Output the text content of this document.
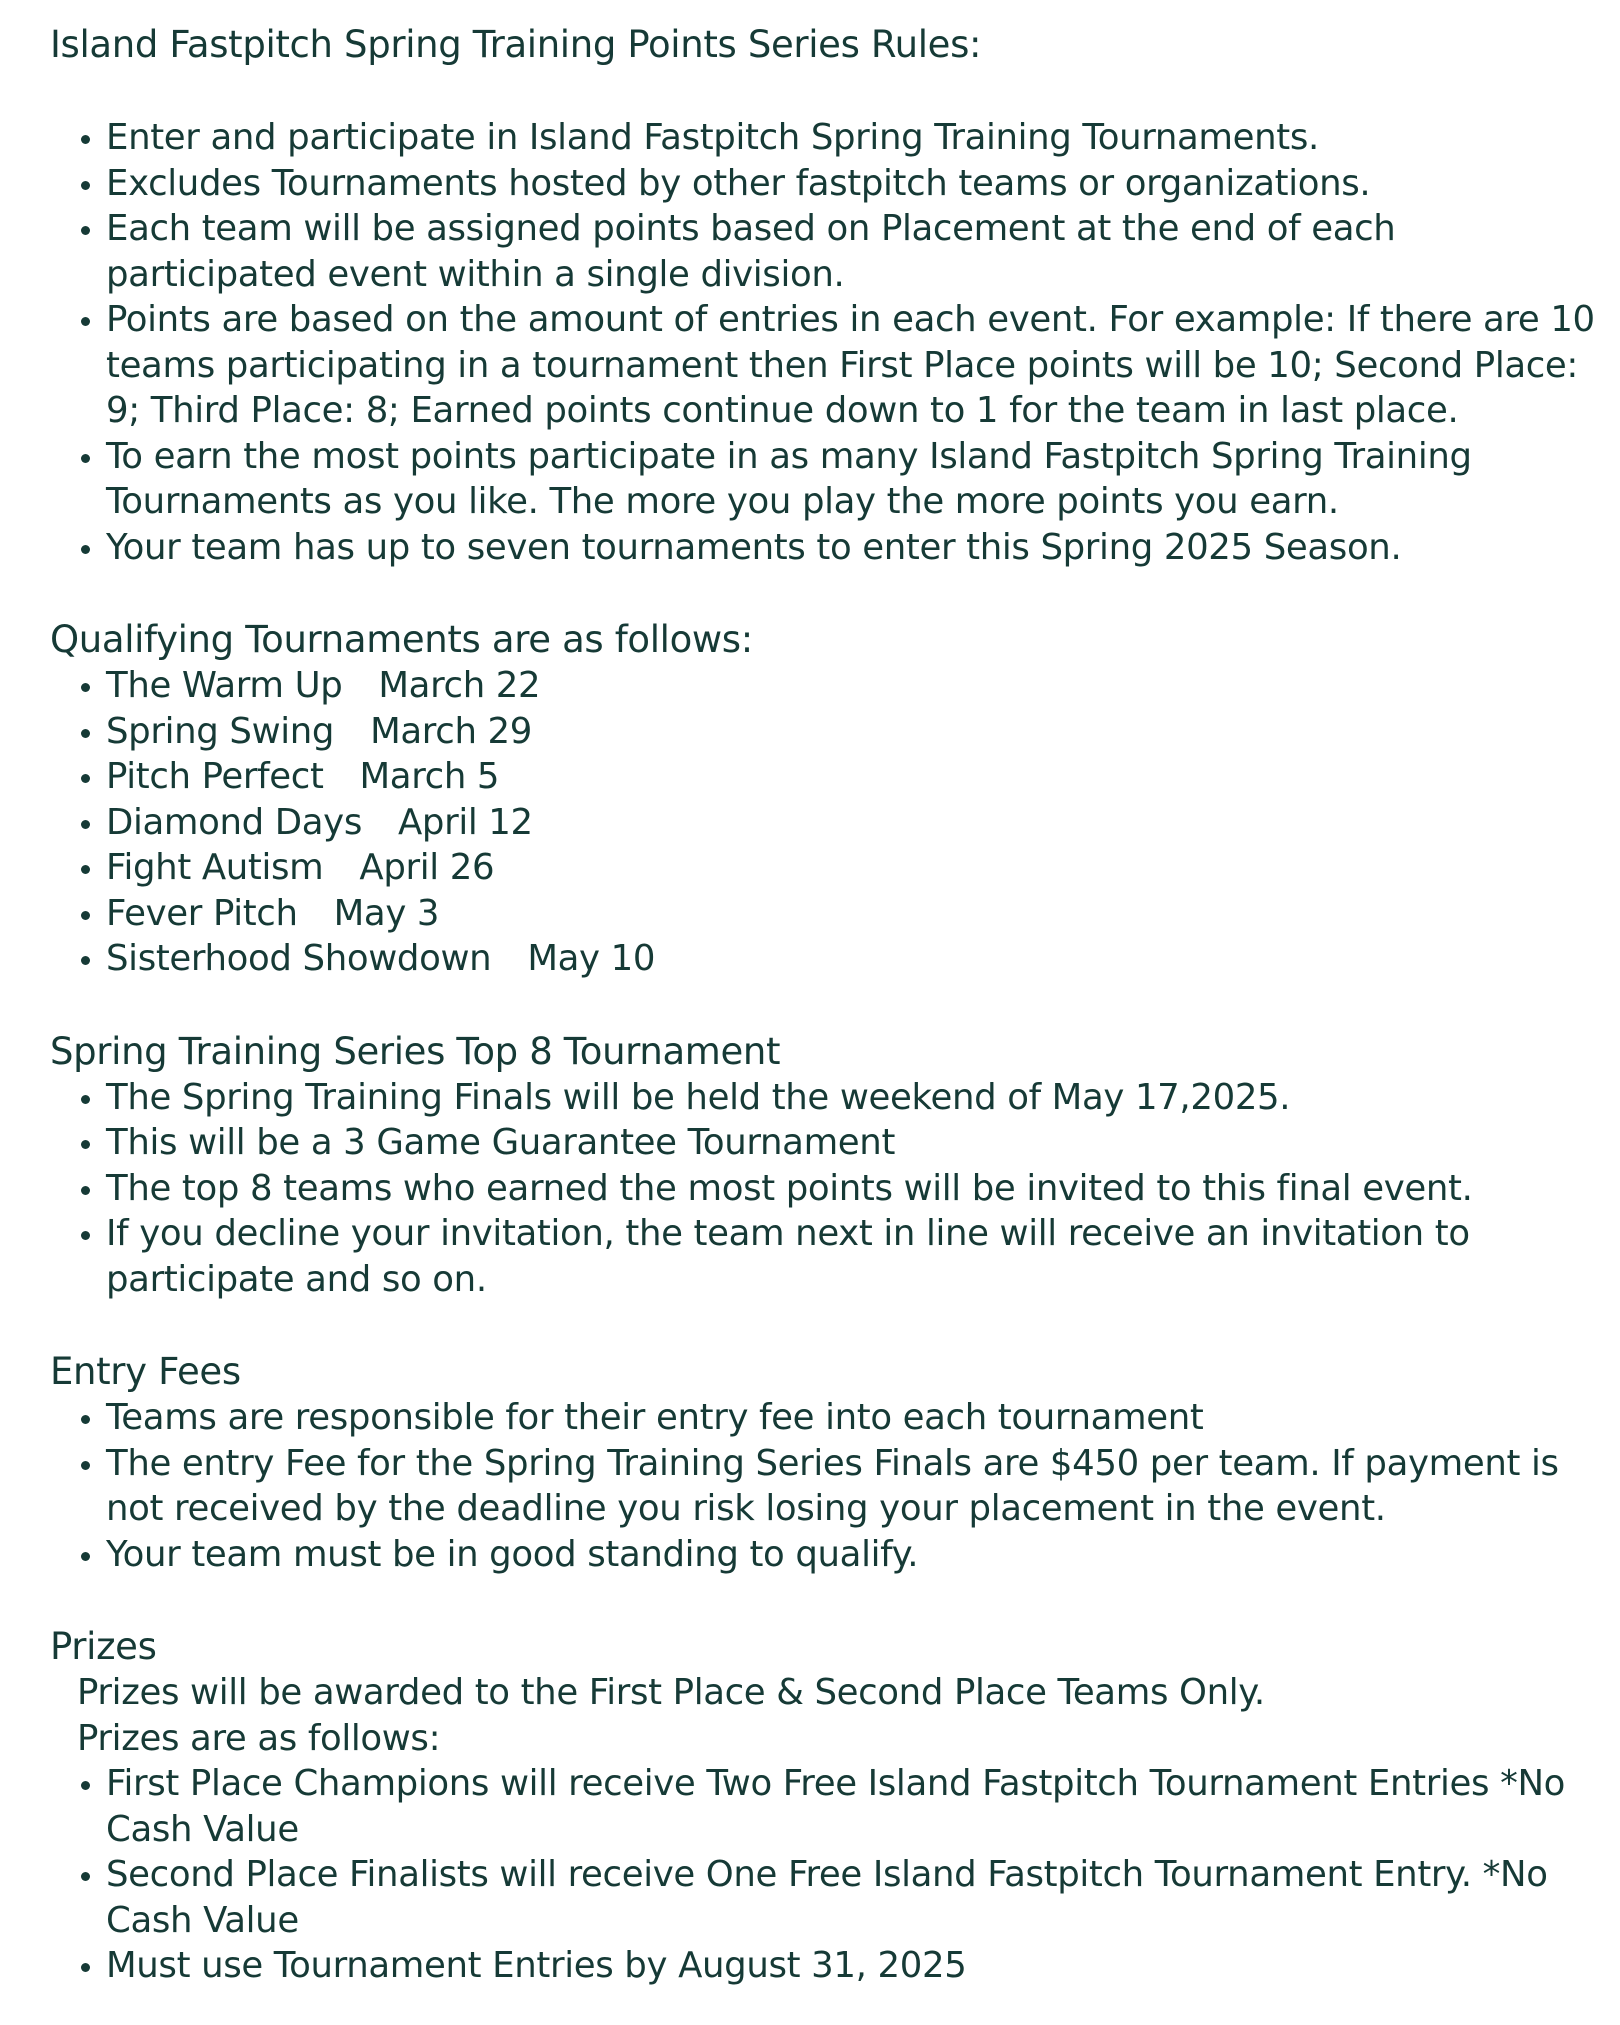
Island Fastpitch Spring Training Points Series Rules:
• Enter and participate in Island Fastpitch Spring Training Tournaments.
• Excludes Tournaments hosted by other fastpitch teams or organizations.
• Each team will be assigned points based on Placement at the end of each participated event within a single division.
• Points are based on the amount of entries in each event. For example: If there are 10 teams participating in a tournament then First Place points will be 10; Second Place: 9; Third Place: 8; Earned points continue down to 1 for the team in last place.
• To earn the most points participate in as many Island Fastpitch Spring Training Tournaments as you like. The more you play the more points you earn.
• Your team has up to seven tournaments to enter this Spring 2025 Season.
Qualifying Tournaments are as follows:
• The Warm Up March 22
• Spring Swing March 29
• Pitch Perfect March 5
• Diamond Days April 12
• Fight Autism April 26
• Fever Pitch May 3
• Sisterhood Showdown May 10
Spring Training Series Top 8 Tournament
• The Spring Training Finals will be held the weekend of May 17,2025.
• This will be a 3 Game Guarantee Tournament
• The top 8 teams who earned the most points will be invited to this final event.
• If you decline your invitation, the team next in line will receive an invitation to participate and so on.
Entry Fees
• Teams are responsible for their entry fee into each tournament
• The entry Fee for the Spring Training Series Finals are $450 per team. If payment is not received by the deadline you risk losing your placement in the event.
• Your team must be in good standing to qualify.
Prizes

Prizes will be awarded to the First Place & Second Place Teams Only.

Prizes are as follows:

• First Place Champions will receive Two Free Island Fastpitch Tournament Entries *No Cash Value
• Second Place Finalists will receive One Free Island Fastpitch Tournament Entry. *No Cash Value
• Must use Tournament Entries by August 31, 2025
